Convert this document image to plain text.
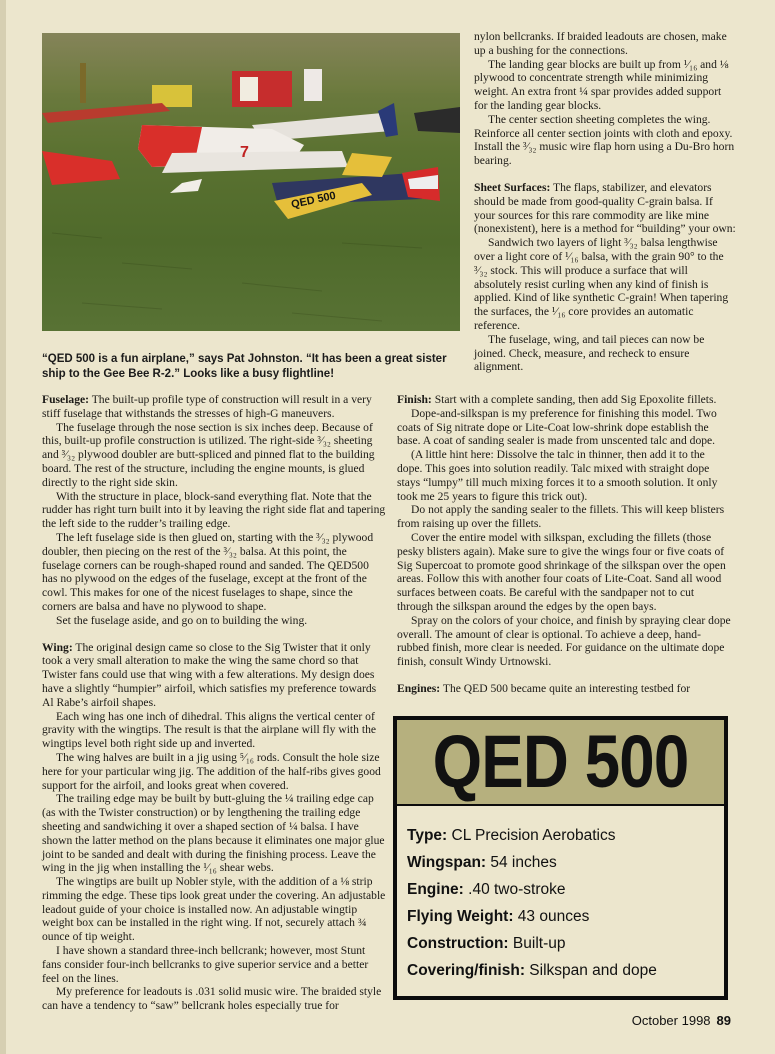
7
QED 500
“QED 500 is a fun airplane,” says Pat Johnston. “It has been a great sister ship to the Gee Bee R-2.” Looks like a busy flightline!

nylon bellcranks. If braided leadouts are chosen, make up a bushing for the connections.

The landing gear blocks are built up from ¹⁄₁₆ and ⅛ plywood to concentrate strength while minimizing weight. An extra front ¼ spar provides added support for the landing gear blocks.

The center section sheeting completes the wing. Reinforce all center section joints with cloth and epoxy. Install the ³⁄₃₂ music wire flap horn using a Du-Bro horn bearing.

Sheet Surfaces: The flaps, stabilizer, and elevators should be made from good-quality C-grain balsa. If your sources for this rare commodity are like mine (nonexistent), here is a method for “building” your own:

Sandwich two layers of light ³⁄₃₂ balsa lengthwise over a light core of ¹⁄₁₆ balsa, with the grain 90° to the ³⁄₃₂ stock. This will produce a surface that will absolutely resist curling when any kind of finish is applied. Kind of like synthetic C-grain! When tapering the surfaces, the ¹⁄₁₆ core provides an automatic reference.

The fuselage, wing, and tail pieces can now be joined. Check, measure, and recheck to ensure alignment.

Fuselage: The built-up profile type of construction will result in a very stiff fuselage that withstands the stresses of high-G maneuvers.

The fuselage through the nose section is six inches deep. Because of this, built-up profile construction is utilized. The right-side ³⁄₃₂ sheeting and ³⁄₃₂ plywood doubler are butt-spliced and pinned flat to the building board. The rest of the structure, including the engine mounts, is glued directly to the right side skin.

With the structure in place, block-sand everything flat. Note that the rudder has right turn built into it by leaving the right side flat and tapering the left side to the rudder’s trailing edge.

The left fuselage side is then glued on, starting with the ³⁄₃₂ plywood doubler, then piecing on the rest of the ³⁄₃₂ balsa. At this point, the fuselage corners can be rough-shaped round and sanded. The QED500 has no plywood on the edges of the fuselage, except at the front of the cowl. This makes for one of the nicest fuselages to shape, since the corners are balsa and have no plywood to shape.

Set the fuselage aside, and go on to building the wing.

Wing: The original design came so close to the Sig Twister that it only took a very small alteration to make the wing the same chord so that Twister fans could use that wing with a few alterations. My design does have a slightly “humpier” airfoil, which satisfies my preference towards Al Rabe’s airfoil shapes.

Each wing has one inch of dihedral. This aligns the vertical center of gravity with the wingtips. The result is that the airplane will fly with the wingtips level both right side up and inverted.

The wing halves are built in a jig using ⁵⁄₁₆ rods. Consult the hole size here for your particular wing jig. The addition of the half-ribs gives good support for the airfoil, and looks great when covered.

The trailing edge may be built by butt-gluing the ¼ trailing edge cap (as with the Twister construction) or by lengthening the trailing edge sheeting and sandwiching it over a shaped section of ¼ balsa. I have shown the latter method on the plans because it eliminates one major glue joint to be sanded and dealt with during the finishing process. Leave the wing in the jig when installing the ¹⁄₁₆ shear webs.

The wingtips are built up Nobler style, with the addition of a ⅛ strip rimming the edge. These tips look great under the covering. An adjustable leadout guide of your choice is installed now. An adjustable wingtip weight box can be installed in the right wing. If not, securely attach ¾ ounce of tip weight.

I have shown a standard three-inch bellcrank; however, most Stunt fans consider four-inch bellcranks to give superior service and a better feel on the lines.

My preference for leadouts is .031 solid music wire. The braided style can have a tendency to “saw” bellcrank holes especially true for

Finish: Start with a complete sanding, then add Sig Epoxolite fillets.

Dope-and-silkspan is my preference for finishing this model. Two coats of Sig nitrate dope or Lite-Coat low-shrink dope establish the base. A coat of sanding sealer is made from unscented talc and dope.

(A little hint here: Dissolve the talc in thinner, then add it to the dope. This goes into solution readily. Talc mixed with straight dope stays “lumpy” till much mixing forces it to a smooth solution. It only took me 25 years to figure this trick out).

Do not apply the sanding sealer to the fillets. This will keep blisters from raising up over the fillets.

Cover the entire model with silkspan, excluding the fillets (those pesky blisters again). Make sure to give the wings four or five coats of Sig Supercoat to promote good shrinkage of the silkspan over the open areas. Follow this with another four coats of Lite-Coat. Sand all wood surfaces between coats. Be careful with the sandpaper not to cut through the silkspan around the edges by the open bays.

Spray on the colors of your choice, and finish by spraying clear dope overall. The amount of clear is optional. To achieve a deep, hand-rubbed finish, more clear is needed. For guidance on the ultimate dope finish, consult Windy Urtnowski.

Engines: The QED 500 became quite an interesting testbed for

QED 500
Type: CL Precision Aerobatics
Wingspan: 54 inches
Engine: .40 two-stroke
Flying Weight: 43 ounces
Construction: Built-up
Covering/finish: Silkspan and dope
October 1998 89
